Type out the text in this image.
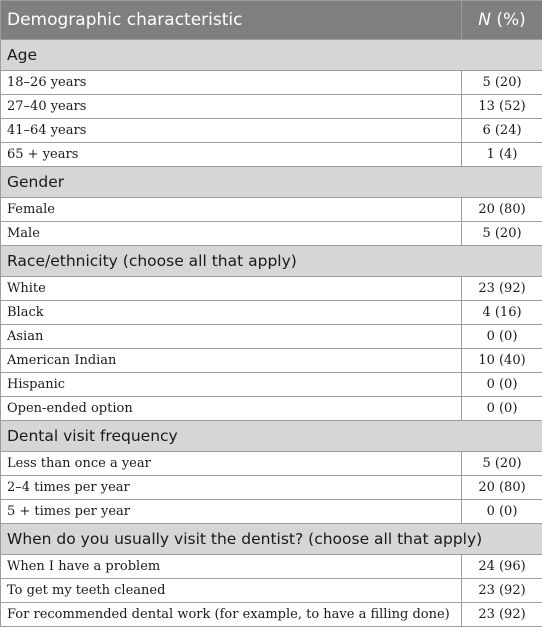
Demographic characteristic	N (%)
Age	
18–26 years	5 (20)
27–40 years	13 (52)
41–64 years	6 (24)
65 + years	1 (4)
Gender	
Female	20 (80)
Male	5 (20)
Race/ethnicity (choose all that apply)	
White	23 (92)
Black	4 (16)
Asian	0 (0)
American Indian	10 (40)
Hispanic	0 (0)
Open-ended option	0 (0)
Dental visit frequency	
Less than once a year	5 (20)
2–4 times per year	20 (80)
5 + times per year	0 (0)
When do you usually visit the dentist? (choose all that apply)	
When I have a problem	24 (96)
To get my teeth cleaned	23 (92)
For recommended dental work (for example, to have a filling done)	23 (92)
